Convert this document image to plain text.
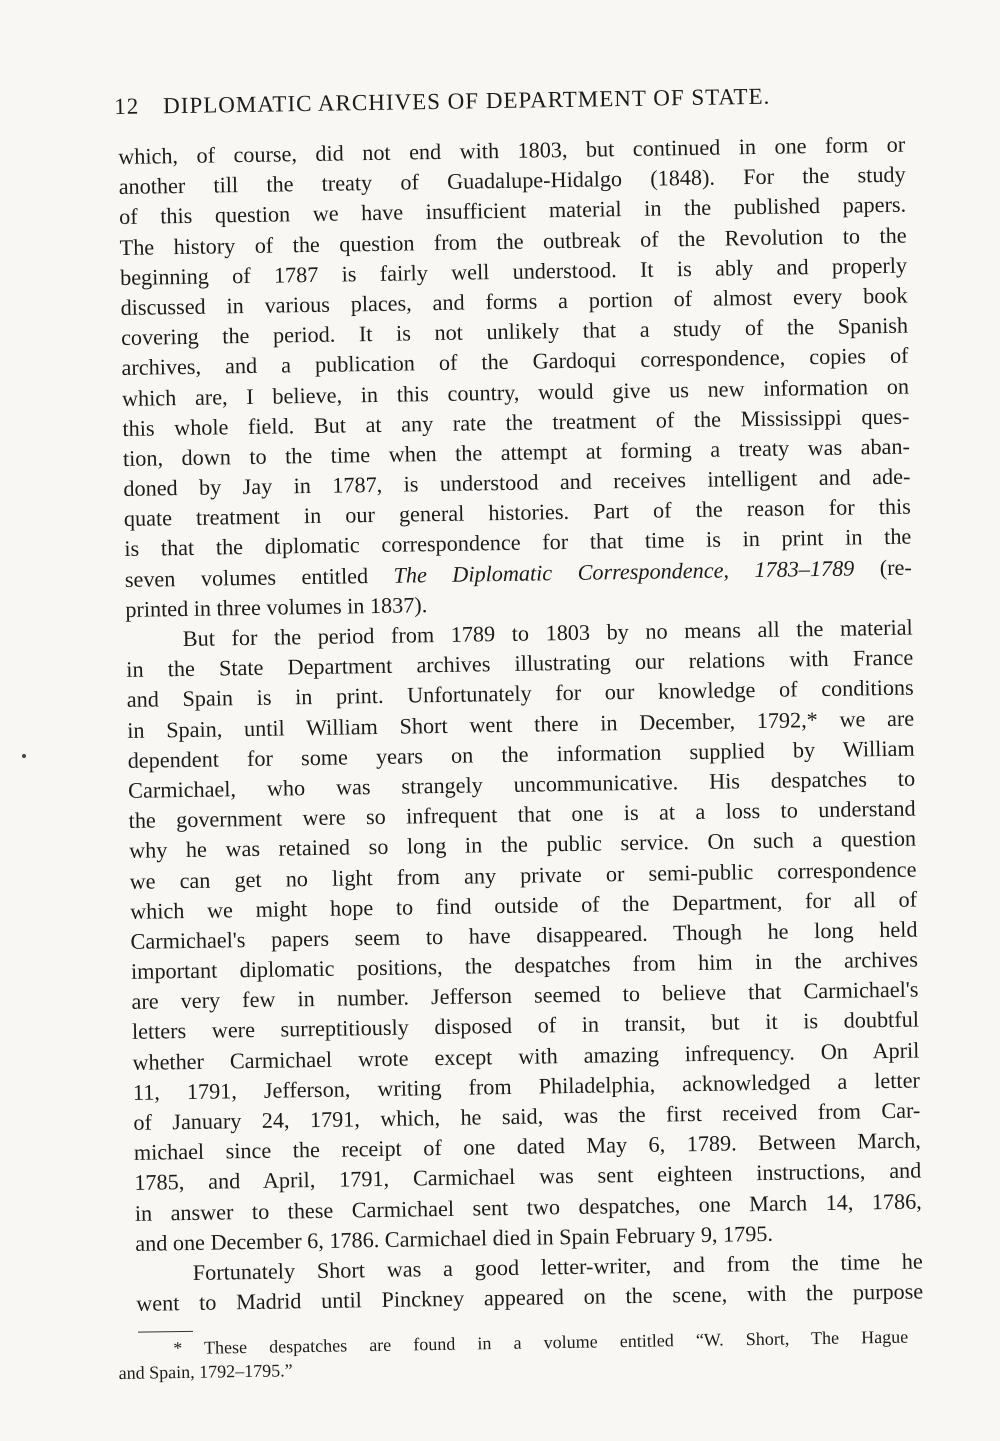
12 DIPLOMATIC ARCHIVES OF DEPARTMENT OF STATE.
which, of course, did not end with 1803, but continued in one form or
another till the treaty of Guadalupe-Hidalgo (1848). For the study
of this question we have insufficient material in the published papers.
The history of the question from the outbreak of the Revolution to the
beginning of 1787 is fairly well understood. It is ably and properly
discussed in various places, and forms a portion of almost every book
covering the period. It is not unlikely that a study of the Spanish
archives, and a publication of the Gardoqui correspondence, copies of
which are, I believe, in this country, would give us new information on
this whole field. But at any rate the treatment of the Mississippi ques-
tion, down to the time when the attempt at forming a treaty was aban-
doned by Jay in 1787, is understood and receives intelligent and ade-
quate treatment in our general histories. Part of the reason for this
is that the diplomatic correspondence for that time is in print in the
seven volumes entitled The Diplomatic Correspondence, 1783–1789 (re-
printed in three volumes in 1837).
But for the period from 1789 to 1803 by no means all the material
in the State Department archives illustrating our relations with France
and Spain is in print. Unfortunately for our knowledge of conditions
in Spain, until William Short went there in December, 1792,* we are
dependent for some years on the information supplied by William
Carmichael, who was strangely uncommunicative. His despatches to
the government were so infrequent that one is at a loss to understand
why he was retained so long in the public service. On such a question
we can get no light from any private or semi-public correspondence
which we might hope to find outside of the Department, for all of
Carmichael's papers seem to have disappeared. Though he long held
important diplomatic positions, the despatches from him in the archives
are very few in number. Jefferson seemed to believe that Carmichael's
letters were surreptitiously disposed of in transit, but it is doubtful
whether Carmichael wrote except with amazing infrequency. On April
11, 1791, Jefferson, writing from Philadelphia, acknowledged a letter
of January 24, 1791, which, he said, was the first received from Car-
michael since the receipt of one dated May 6, 1789. Between March,
1785, and April, 1791, Carmichael was sent eighteen instructions, and
in answer to these Carmichael sent two despatches, one March 14, 1786,
and one December 6, 1786. Carmichael died in Spain February 9, 1795.
Fortunately Short was a good letter-writer, and from the time he
went to Madrid until Pinckney appeared on the scene, with the purpose
* These despatches are found in a volume entitled “W. Short, The Hague
and Spain, 1792–1795.”
